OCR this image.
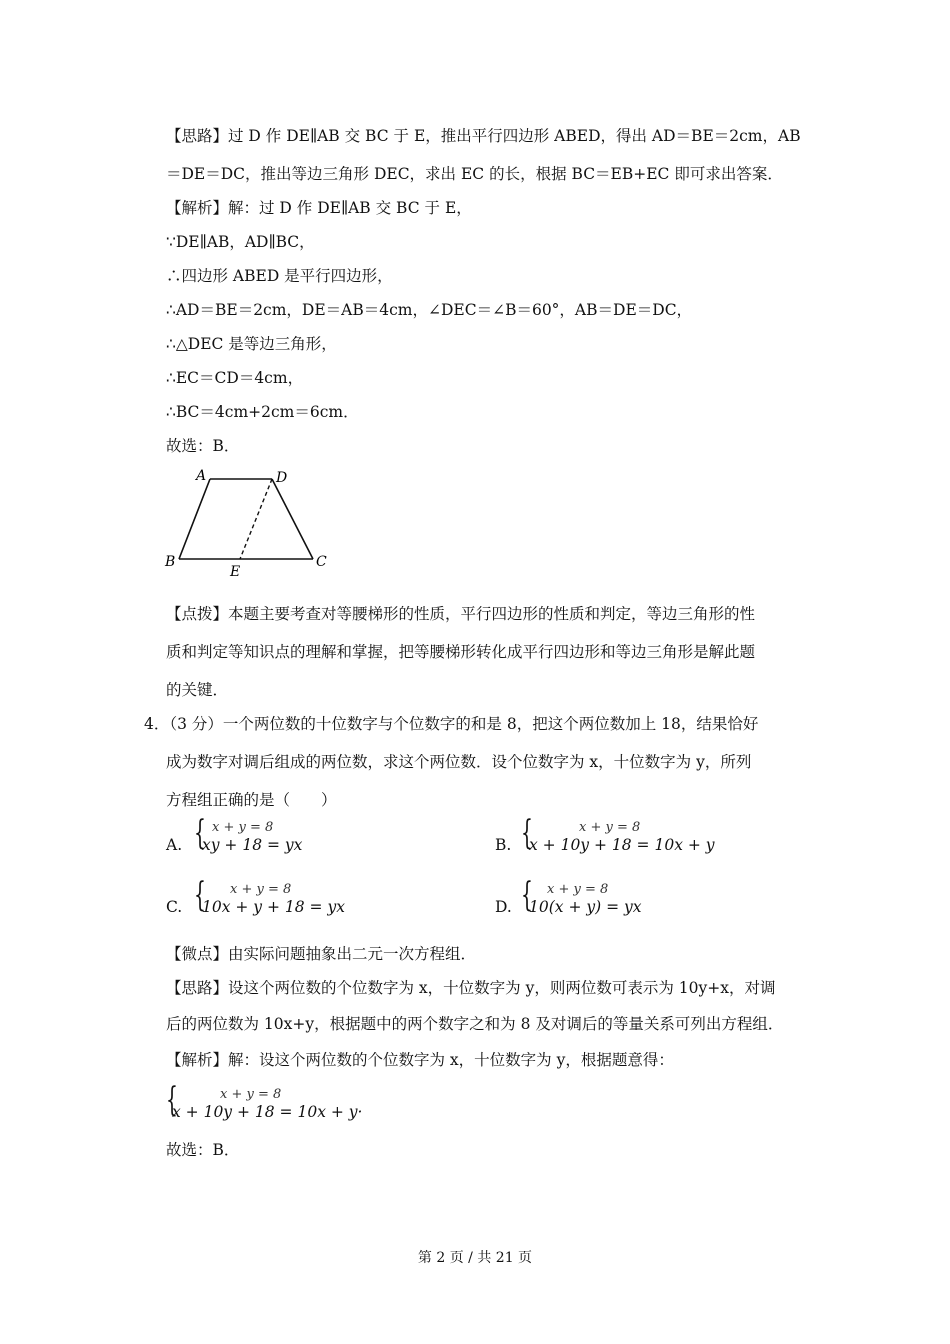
【思路】过 D 作 DE∥AB 交 BC 于 E，推出平行四边形 ABED，得出 AD＝BE＝2cm，AB
＝DE＝DC，推出等边三角形 DEC，求出 EC 的长，根据 BC＝EB+EC 即可求出答案．
【解析】解：过 D 作 DE∥AB 交 BC 于 E，
∵DE∥AB，AD∥BC，
∴四边形 ABED 是平行四边形，
∴AD＝BE＝2cm，DE＝AB＝4cm，∠DEC＝∠B＝60°，AB＝DE＝DC，
∴△DEC 是等边三角形，
∴EC＝CD＝4cm，
∴BC＝4cm+2cm＝6cm．
故选：B．
A	D
B
E
C
【点拨】本题主要考查对等腰梯形的性质，平行四边形的性质和判定，等边三角形的性
质和判定等知识点的理解和掌握，把等腰梯形转化成平行四边形和等边三角形是解此题
的关键．
4．（3 分）一个两位数的十位数字与个位数字的和是 8，把这个两位数加上 18，结果恰好
成为数字对调后组成的两位数，求这个两位数．设个位数字为 x，十位数字为 y，所列
方程组正确的是（　　）
A. { x + y = 8
xy + 18 = yx	B. {	x + y = 8
x + 10y + 18 = 10x + y
C. { x + y = 8
10x + y + 18 = yx	D. { x + y = 8
10(x + y) = yx
【微点】由实际问题抽象出二元一次方程组．
【思路】设这个两位数的个位数字为 x，十位数字为 y，则两位数可表示为 10y+x，对调
后的两位数为 10x+y，根据题中的两个数字之和为 8 及对调后的等量关系可列出方程组．
【解析】解：设这个两位数的个位数字为 x，十位数字为 y，根据题意得：
{	x + y = 8
x + 10y + 18 = 10x + y·
故选：B．
第 2 页 / 共 21 页
